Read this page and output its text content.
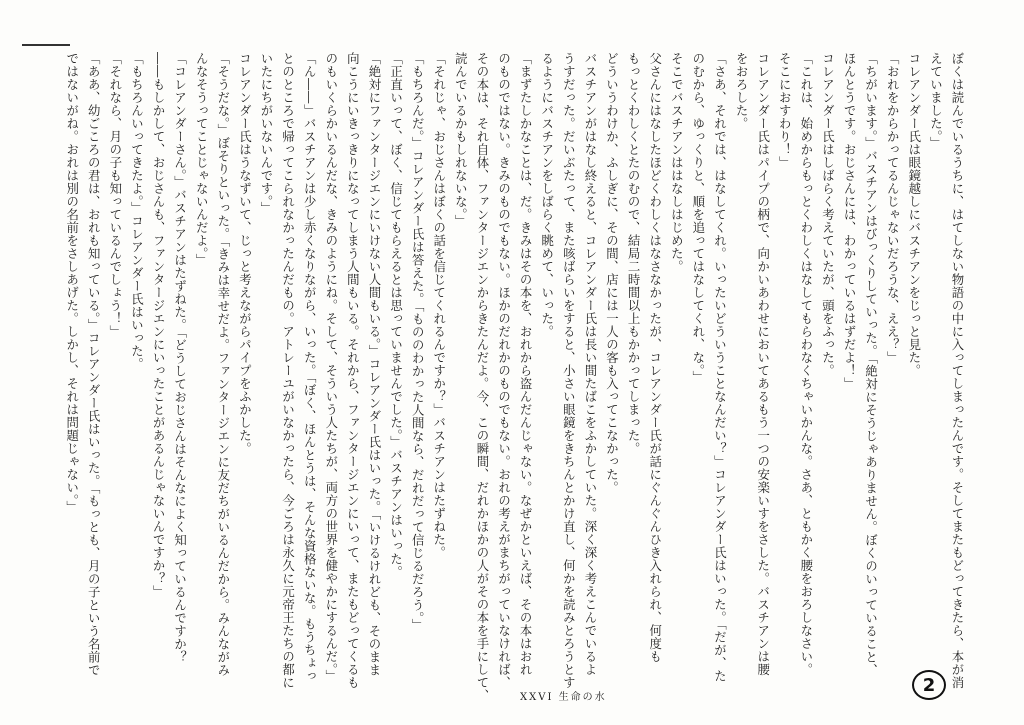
ぼくは読んでいるうちに、はてしない物語の中に入ってしまったんです。そしてまたもどってきたら、本が消

えていました。」

コレアンダー氏は眼鏡越しにバスチアンをじっと見た。

「おれをからかってるんじゃないだろうな、ええ？」

「ちがいます。」バスチアンはびっくりしていった。「絶対にそうじゃありません。ぼくのいっていること、

ほんとうです。おじさんには、わかっているはずだよ！」

コレアンダー氏はしばらく考えていたが、頭をふった。

「これは、始めからもっとくわしくはなしてもらわなくちゃいかんな。さあ、ともかく腰をおろしなさい。

そこにおすわり！」

コレアンダー氏はパイプの柄で、向かいあわせにおいてあるもう一つの安楽いすをさした。バスチアンは腰

をおろした。

「さあ、それでは、はなしてくれ。いったいどういうことなんだい？」コレアンダー氏はいった。「だが、た

のむから、ゆっくりと、順を追ってはなしてくれ、な。」

そこでバスチアンははなしはじめた。

父さんにはなしたほどくわしくはなさなかったが、コレアンダー氏が話にぐんぐんひき入れられ、何度も

もっとくわしくとたのむので、結局二時間以上もかかってしまった。

どういうわけか、ふしぎに、その間、店には一人の客も入ってこなかった。

バスチアンがはなし終えると、コレアンダー氏は長い間たばこをふかしていた。深く深く考えこんでいるよ

うすだった。だいぶたって、また咳ばらいをすると、小さい眼鏡をきちんとかけ直し、何かを読みとろうとす

るようにバスチアンをしばらく眺めて、いった。

「まずたしかなことは、だ。きみはその本を、おれから盗んだんじゃない。なぜかといえば、その本はおれ

のものではない。きみのものでもない。ほかのだれかのものでもない。おれの考えがまちがっていなければ、

その本は、それ自体、ファンタージエンからきたんだよ。今、この瞬間、だれかほかの人がその本を手にして、

読んでいるかもしれないな。」

「それじゃ、おじさんはぼくの話を信じてくれるんですか？」バスチアンはたずねた。

「もちろんだ。」コレアンダー氏は答えた。「もののわかった人間なら、だれだって信じるだろう。」

「正直いって、ぼく、信じてもらえるとは思っていませんでした。」バスチアンはいった。

「絶対にファンタージエンにいけない人間もいる。」コレアンダー氏はいった。「いけるけれども、そのまま

向こうにいきっきりになってしまう人間もいる。それから、ファンタージエンにいって、またもどってくるも

のもいくらかいるんだな、きみのようにね。そして、そういう人たちが、両方の世界を健やかにするんだ。」

「ん――」バスチアンは少し赤くなりながら、いった。「ぼく、ほんとうは、そんな資格ないな。もうちょっ

とのところで帰ってこられなかったんだもの。アトレーユがいなかったら、今ごろは永久に元帝王たちの都に

いたにちがいないんです。」

コレアンダー氏はうなずいて、じっと考えながらパイプをふかした。

「そうだな。」ぼそりといった。「きみは幸せだよ。ファンタージエンに友だちがいるんだから。みんながみ

んなそうってことじゃないんだよ。」

「コレアンダーさん。」バスチアンはたずねた。「どうしておじさんはそんなによく知っているんですか？

――もしかして、おじさんも、ファンタージエンにいったことがあるんじゃないんですか？」

「もちろんいってきたよ。」コレアンダー氏はいった。

「それなら、月の子も知っているんでしょう！」

「ああ、幼ごころの君は、おれも知っている。」コレアンダー氏はいった。「もっとも、月の子という名前で

ではないがね。おれは別の名前をさしあげた。しかし、それは問題じゃない。」

XXVI 生命の水
2
